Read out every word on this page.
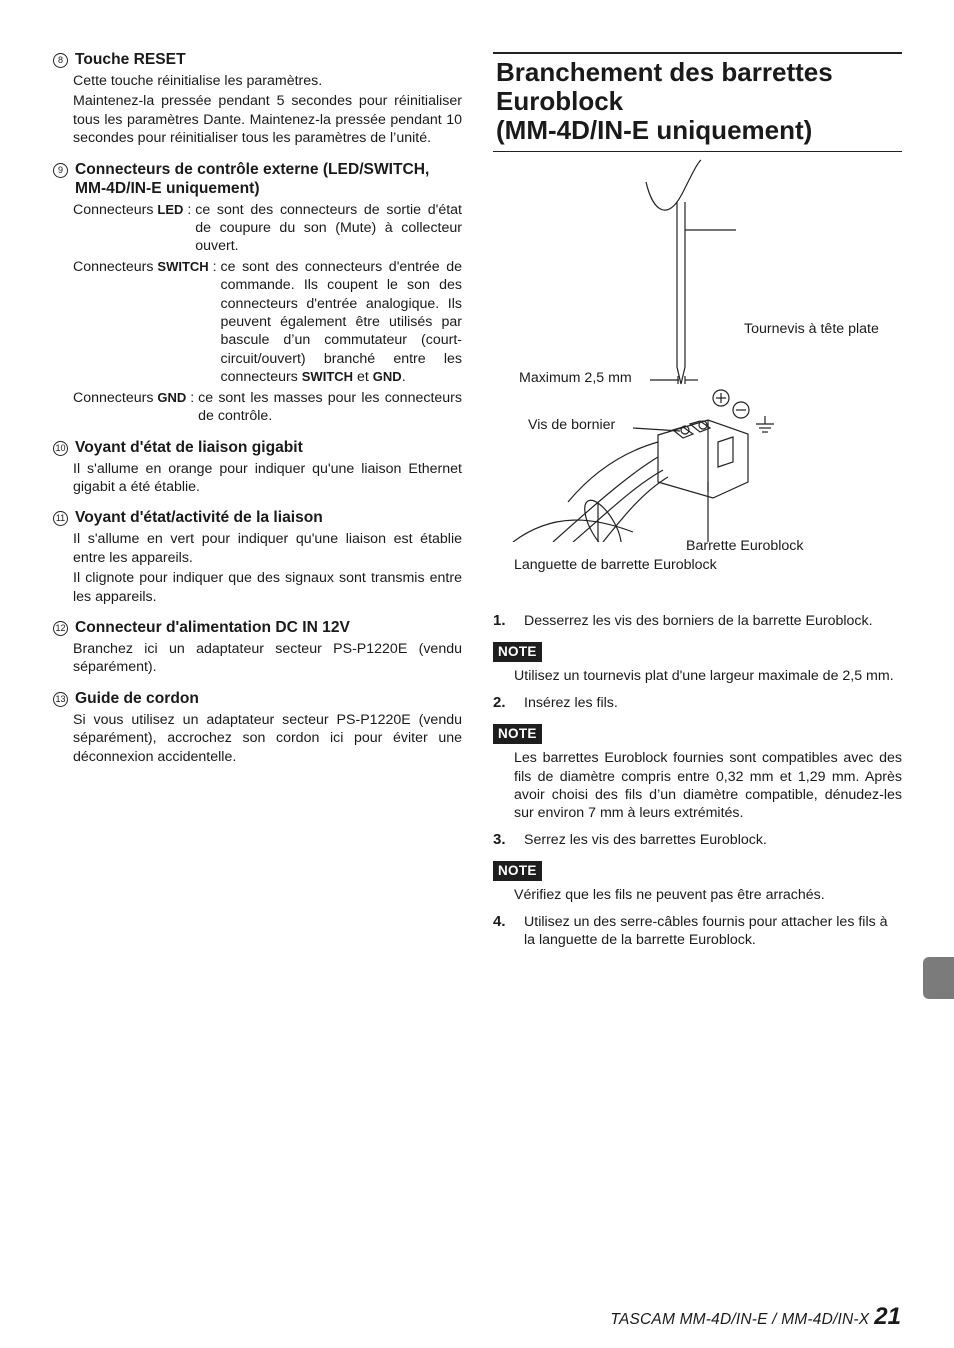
8 Touche RESET

Cette touche réinitialise les paramètres.

Maintenez-la pressée pendant 5 secondes pour réinitialiser tous les paramètres Dante. Maintenez-la pressée pendant 10 secondes pour réinitialiser tous les paramètres de l’unité.

9 Connecteurs de contrôle externe (LED/SWITCH, MM-4D/IN-E uniquement)
Connecteurs LED : ce sont des connecteurs de sortie d'état de coupure du son (Mute) à collecteur ouvert.
Connecteurs SWITCH : ce sont des connecteurs d'entrée de commande. Ils coupent le son des connecteurs d'entrée analogique. Ils peuvent également être utilisés par bascule d’un commutateur (court-circuit/ouvert) branché entre les connecteurs SWITCH et GND.
Connecteurs GND : ce sont les masses pour les connecteurs de contrôle.
10 Voyant d'état de liaison gigabit

Il s'allume en orange pour indiquer qu'une liaison Ethernet gigabit a été établie.

11 Voyant d'état/activité de la liaison

Il s'allume en vert pour indiquer qu'une liaison est établie entre les appareils.

Il clignote pour indiquer que des signaux sont transmis entre les appareils.

12 Connecteur d'alimentation DC IN 12V

Branchez ici un adaptateur secteur PS-P1220E (vendu séparément).

13 Guide de cordon

Si vous utilisez un adaptateur secteur PS-P1220E (vendu séparément), accrochez son cordon ici pour éviter une déconnexion accidentelle.

Branchement des barrettes Euroblock
(MM-4D/IN-E uniquement)
Tournevis à tête plate
Maximum 2,5 mm
Vis de bornier
Barrette Euroblock
Languette de barrette Euroblock
1.	Desserrez les vis des borniers de la barrette Euroblock.
NOTE

Utilisez un tournevis plat d'une largeur maximale de 2,5 mm.

2.	Insérez les fils.
NOTE

Les barrettes Euroblock fournies sont compatibles avec des fils de diamètre compris entre 0,32 mm et 1,29 mm. Après avoir choisi des fils d’un diamètre compatible, dénudez-les sur environ 7 mm à leurs extrémités.

3.	Serrez les vis des barrettes Euroblock.
NOTE

Vérifiez que les fils ne peuvent pas être arrachés.

4.	Utilisez un des serre-câbles fournis pour attacher les fils à la languette de la barrette Euroblock.
TASCAM MM-4D/IN-E / MM-4D/IN-X 21
